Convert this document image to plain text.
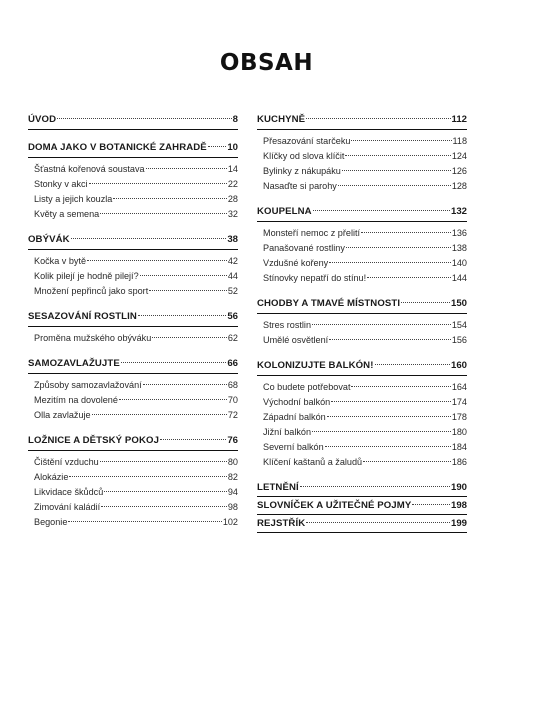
OBSAH
ÚVOD	8
DOMA JAKO V BOTANICKÉ ZAHRADĚ 10
Šťastná kořenová soustava	14
Stonky v akci	22
Listy a jejich kouzla	28
Květy a semena	32
OBÝVÁK	38
Kočka v bytě	42
Kolik pilejí je hodně pilejí?	44
Množení pepřinců jako sport	52
SESAZOVÁNÍ ROSTLIN	56
Proměna mužského obýváku	62
SAMOZAVLAŽUJTE	66
Způsoby samozavlažování	68
Mezitím na dovolené	70
Olla zavlažuje	72
LOŽNICE A DĚTSKÝ POKOJ	76
Čištění vzduchu	80
Alokázie	82
Likvidace škůdců	94
Zimování kaládií	98
Begonie	102
KUCHYNĚ	112
Přesazování starčeku	118
Klíčky od slova klíčit	124
Bylinky z nákupáku	126
Nasaďte si parohy	128
KOUPELNA	132
Monsteří nemoc z přelití	136
Panašované rostliny	138
Vzdušné kořeny	140
Stínovky nepatří do stínu!	144
CHODBY A TMAVÉ MÍSTNOSTI	150
Stres rostlin	154
Umělé osvětlení	156
KOLONIZUJTE BALKÓN!	160
Co budete potřebovat	164
Východní balkón	174
Západní balkón	178
Jižní balkón	180
Severní balkón	184
Klíčení kaštanů a žaludů	186
LETNĚNÍ	190
SLOVNÍČEK A UŽITEČNÉ POJMY	198
REJSTŘÍK	199
